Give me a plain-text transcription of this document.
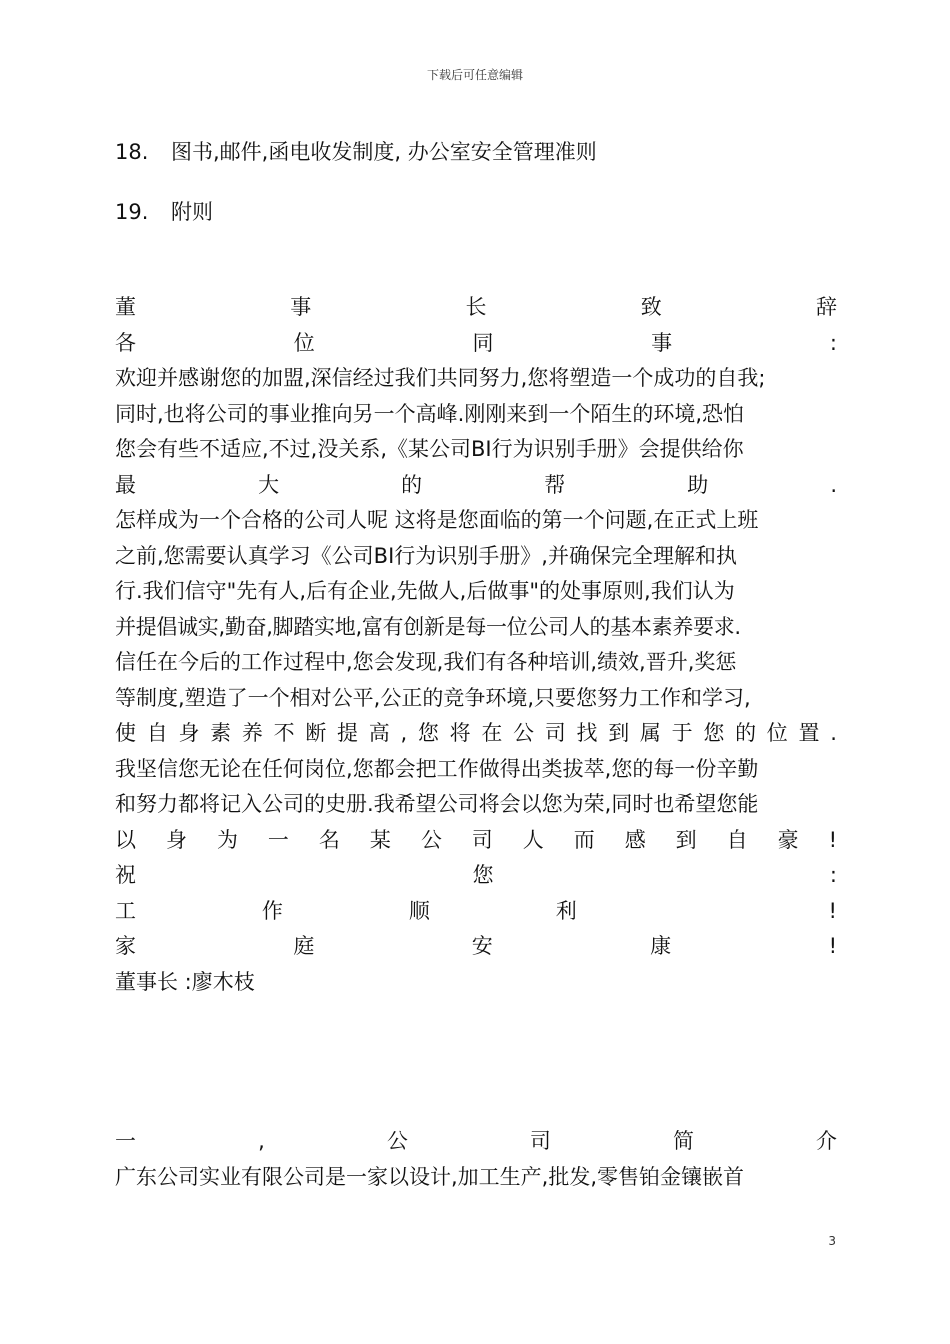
下载后可任意编辑
18. 图书,邮件,函电收发制度, 办公室安全管理准则
19. 附则
董	事	长	致	辞
各	位	同	事	:
欢迎并感谢您的加盟,深信经过我们共同努力,您将塑造一个成功的自我;
同时,也将公司的事业推向另一个高峰.刚刚来到一个陌生的环境,恐怕
您会有些不适应,不过,没关系,《某公司BI行为识别手册》会提供给你
最	大	的	帮	助	.
怎样成为一个合格的公司人呢 这将是您面临的第一个问题,在正式上班
之前,您需要认真学习《公司BI行为识别手册》,并确保完全理解和执
行.我们信守"先有人,后有企业,先做人,后做事"的处事原则,我们认为
并提倡诚实,勤奋,脚踏实地,富有创新是每一位公司人的基本素养要求.
信任在今后的工作过程中,您会发现,我们有各种培训,绩效,晋升,奖惩
等制度,塑造了一个相对公平,公正的竞争环境,只要您努力工作和学习,
使 自 身 素 养 不 断 提 高 , 您 将 在 公 司 找 到 属 于 您 的 位 置 .
我坚信您无论在任何岗位,您都会把工作做得出类拔萃,您的每一份辛勤
和努力都将记入公司的史册.我希望公司将会以您为荣,同时也希望您能
以 身 为 一 名 某 公 司 人 而 感 到 自 豪 !
祝	您	:
工	作	顺	利	!
家	庭	安	康	!
董事长 :廖木枝
一	,	公	司	简	介
广东公司实业有限公司是一家以设计,加工生产,批发,零售铂金镶嵌首
3
